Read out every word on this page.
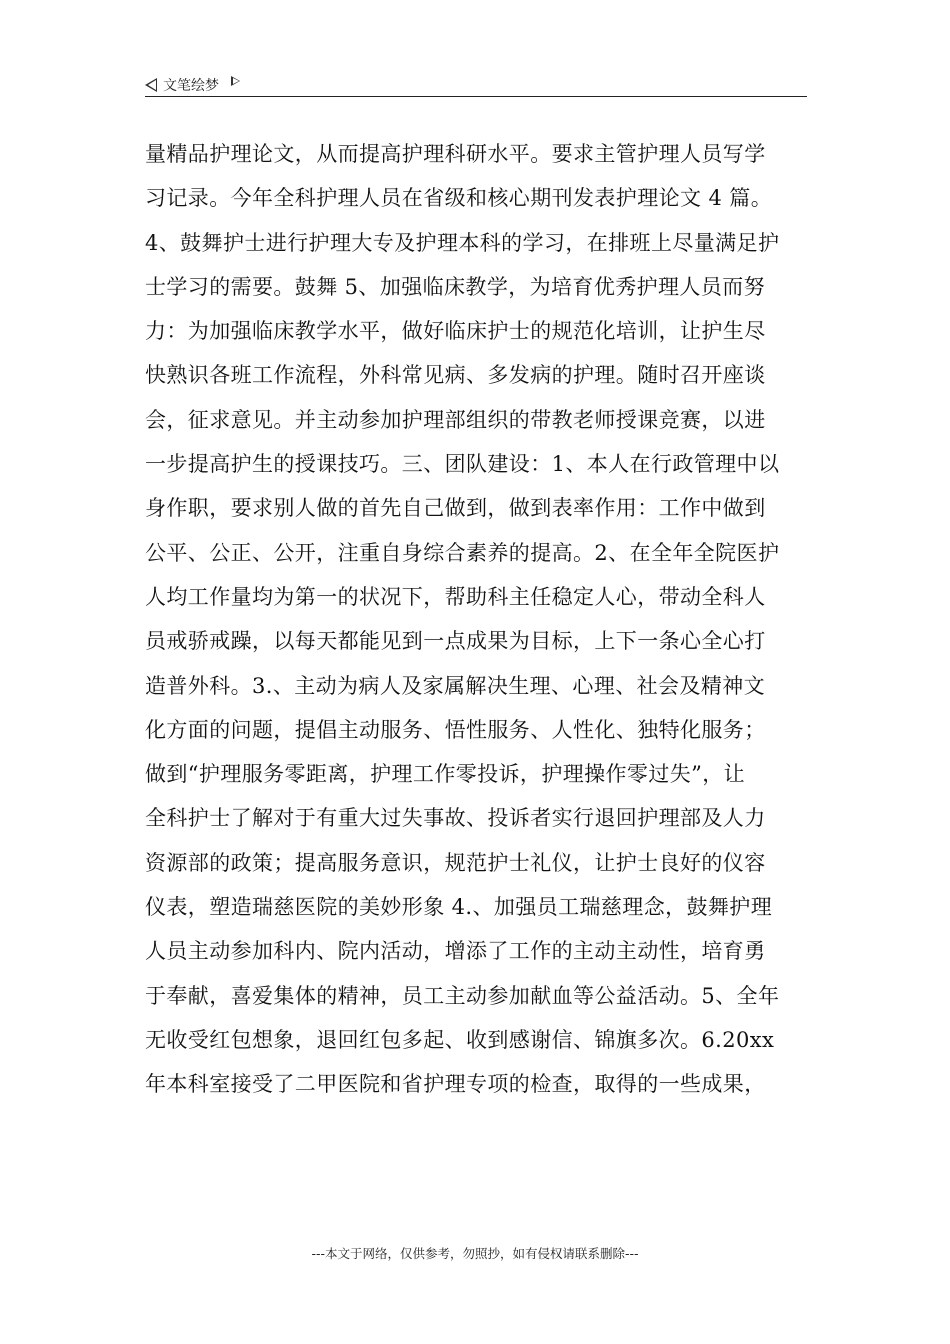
文笔绘梦
量精品护理论文，从而提高护理科研水平。要求主管护理人员写学
习记录。今年全科护理人员在省级和核心期刊发表护理论文 4 篇。
4、鼓舞护士进行护理大专及护理本科的学习，在排班上尽量满足护
士学习的需要。鼓舞 5、加强临床教学，为培育优秀护理人员而努
力：为加强临床教学水平，做好临床护士的规范化培训，让护生尽
快熟识各班工作流程，外科常见病、多发病的护理。随时召开座谈
会，征求意见。并主动参加护理部组织的带教老师授课竞赛，以进
一步提高护生的授课技巧。三、团队建设：1、本人在行政管理中以
身作职，要求别人做的首先自己做到，做到表率作用：工作中做到
公平、公正、公开，注重自身综合素养的提高。2、在全年全院医护
人均工作量均为第一的状况下，帮助科主任稳定人心，带动全科人
员戒骄戒躁，以每天都能见到一点成果为目标，上下一条心全心打
造普外科。3.、主动为病人及家属解决生理、心理、社会及精神文
化方面的问题，提倡主动服务、悟性服务、人性化、独特化服务；
做到“护理服务零距离，护理工作零投诉，护理操作零过失”，让
全科护士了解对于有重大过失事故、投诉者实行退回护理部及人力
资源部的政策；提高服务意识，规范护士礼仪，让护士良好的仪容
仪表，塑造瑞慈医院的美妙形象 4.、加强员工瑞慈理念，鼓舞护理
人员主动参加科内、院内活动，增添了工作的主动主动性，培育勇
于奉献，喜爱集体的精神，员工主动参加献血等公益活动。5、全年
无收受红包想象，退回红包多起、收到感谢信、锦旗多次。6.20xx
年本科室接受了二甲医院和省护理专项的检查，取得的一些成果，
---本文于网络，仅供参考，勿照抄，如有侵权请联系删除---
